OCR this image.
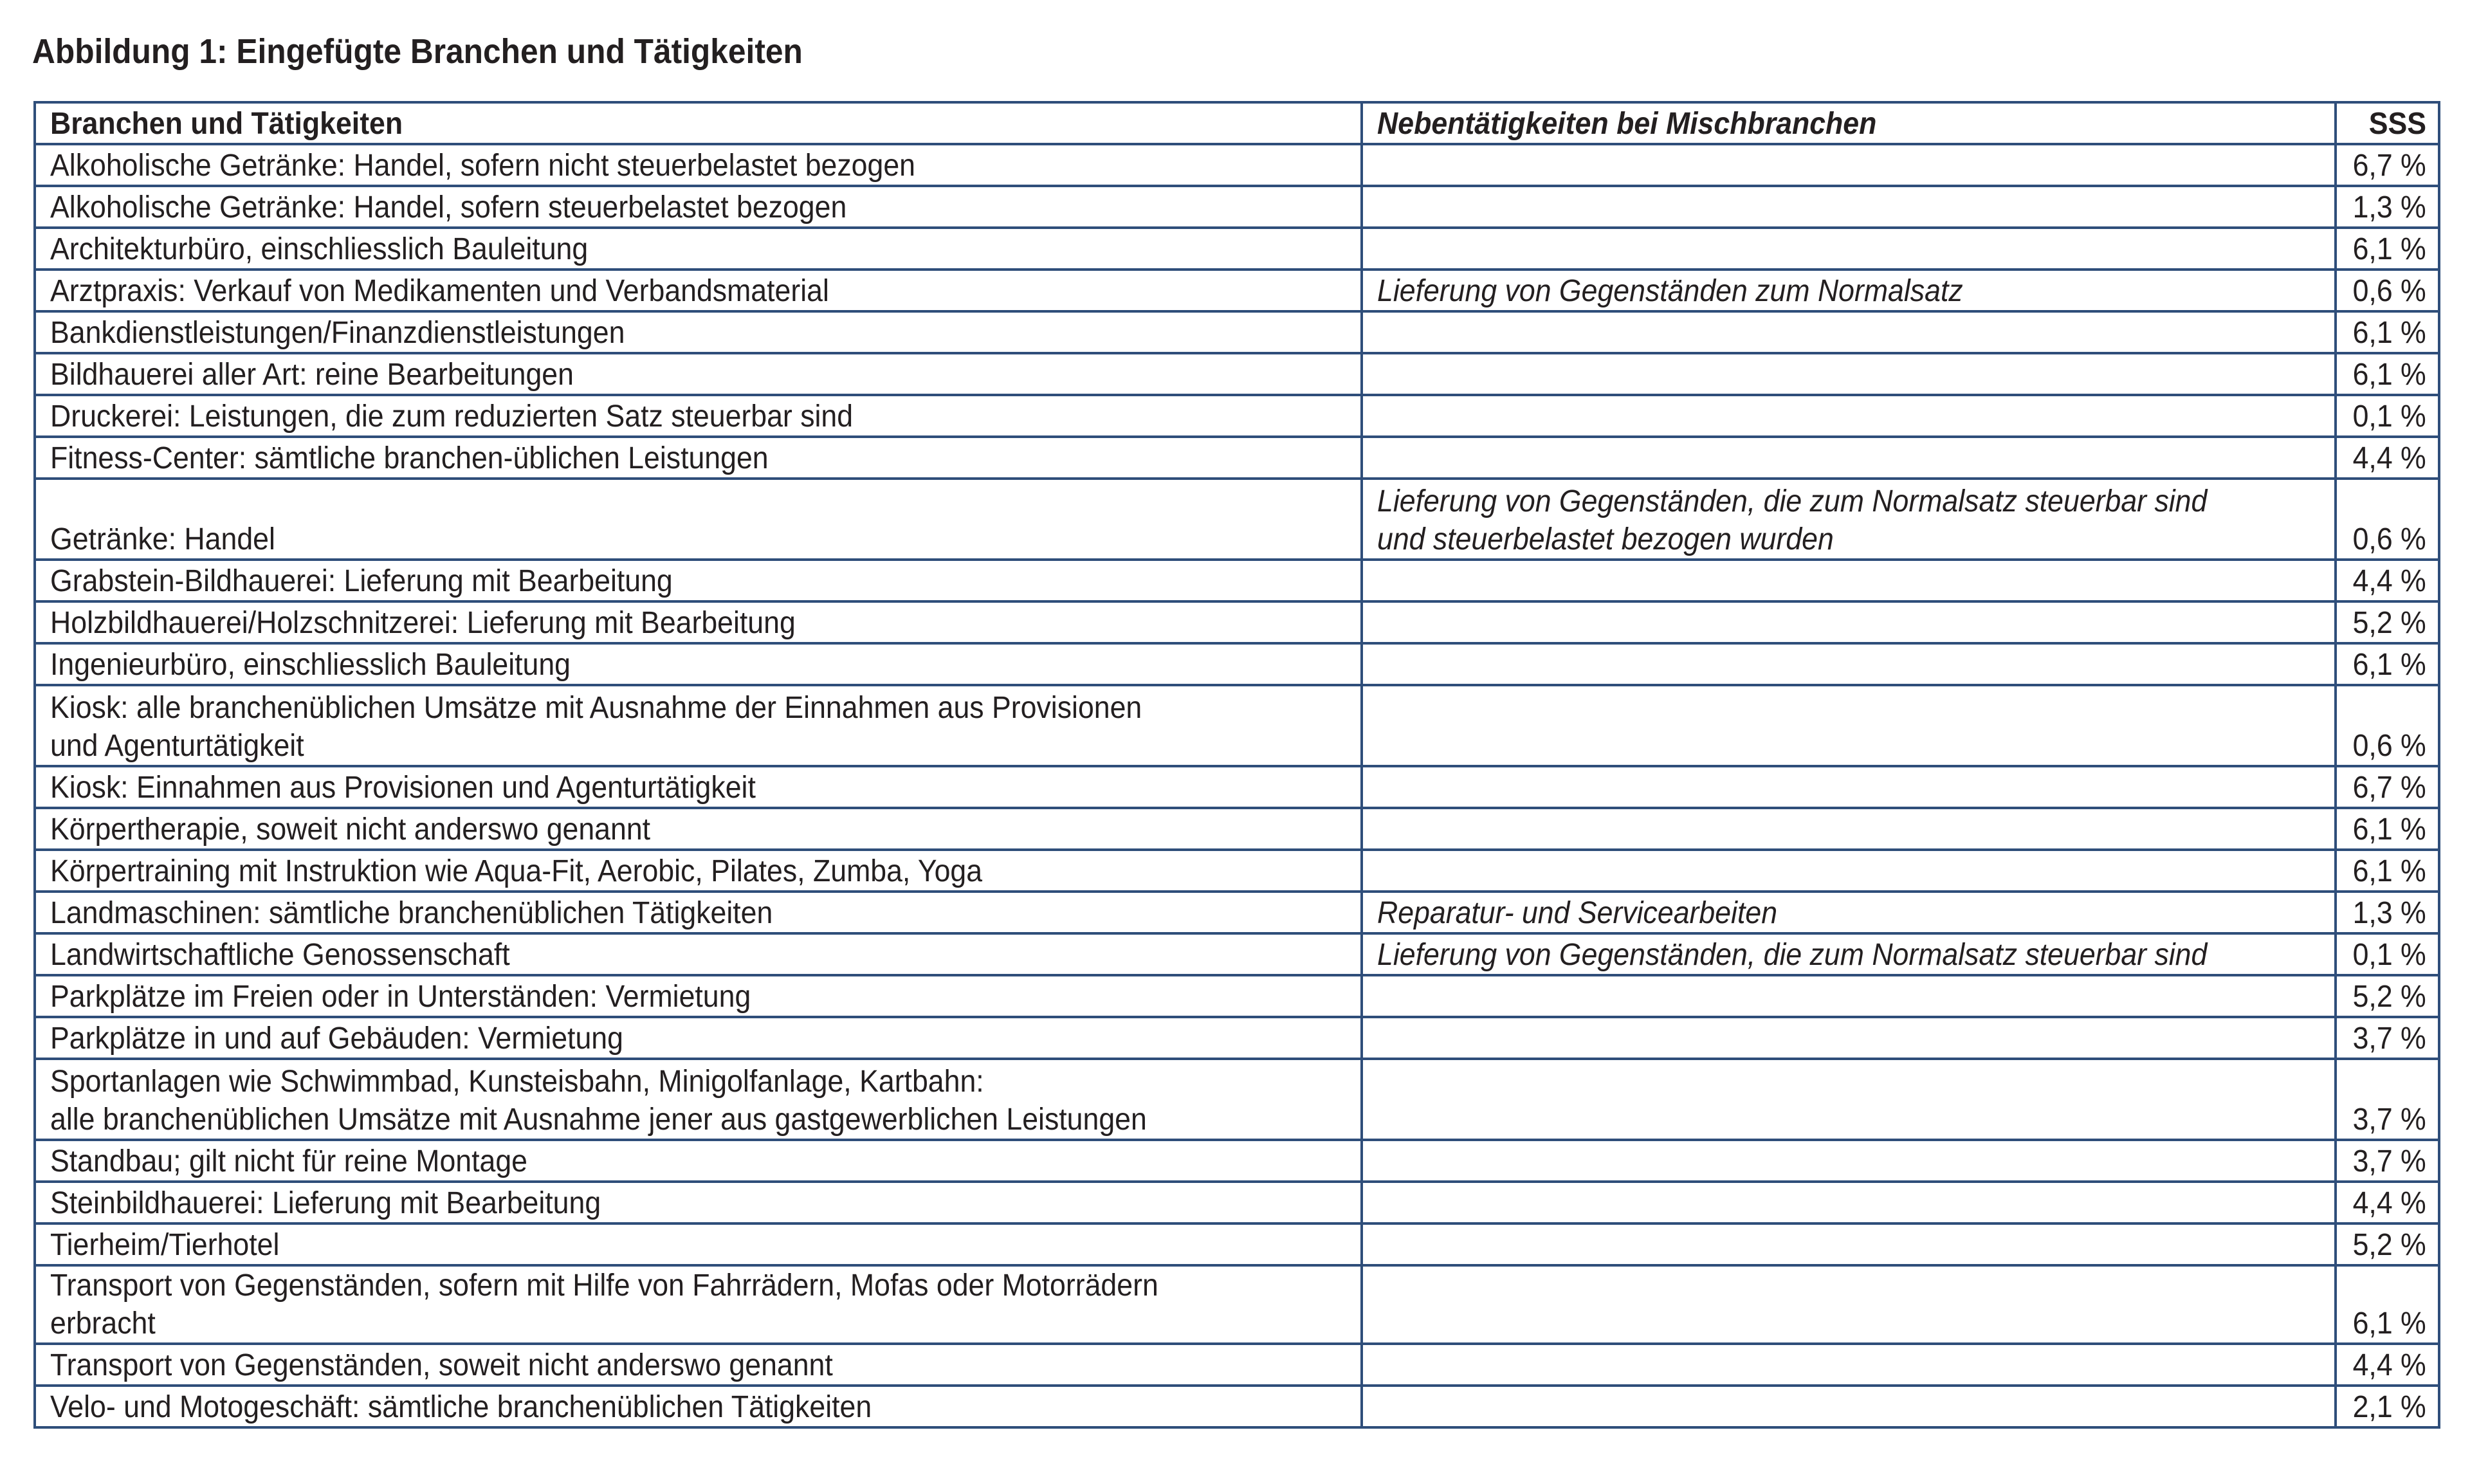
Abbildung 1: Eingefügte Branchen und Tätigkeiten
Branchen und Tätigkeiten	Nebentätigkeiten bei Mischbranchen	SSS
Alkoholische Getränke: Handel, sofern nicht steuerbelastet bezogen		6,7 %
Alkoholische Getränke: Handel, sofern steuerbelastet bezogen		1,3 %
Architekturbüro, einschliesslich Bauleitung		6,1 %
Arztpraxis: Verkauf von Medikamenten und Verbandsmaterial	Lieferung von Gegenständen zum Normalsatz	0,6 %
Bankdienstleistungen/Finanzdienstleistungen		6,1 %
Bildhauerei aller Art: reine Bearbeitungen		6,1 %
Druckerei: Leistungen, die zum reduzierten Satz steuerbar sind		0,1 %
Fitness-Center: sämtliche branchen-üblichen Leistungen		4,4 %
Getränke: Handel	Lieferung von Gegenständen, die zum Normalsatz steuerbar sind
und steuerbelastet bezogen wurden	0,6 %
Grabstein-Bildhauerei: Lieferung mit Bearbeitung		4,4 %
Holzbildhauerei/Holzschnitzerei: Lieferung mit Bearbeitung		5,2 %
Ingenieurbüro, einschliesslich Bauleitung		6,1 %
Kiosk: alle branchenüblichen Umsätze mit Ausnahme der Einnahmen aus Provisionen
und Agenturtätigkeit		0,6 %
Kiosk: Einnahmen aus Provisionen und Agenturtätigkeit		6,7 %
Körpertherapie, soweit nicht anderswo genannt		6,1 %
Körpertraining mit Instruktion wie Aqua-Fit, Aerobic, Pilates, Zumba, Yoga		6,1 %
Landmaschinen: sämtliche branchenüblichen Tätigkeiten	Reparatur- und Servicearbeiten	1,3 %
Landwirtschaftliche Genossenschaft	Lieferung von Gegenständen, die zum Normalsatz steuerbar sind	0,1 %
Parkplätze im Freien oder in Unterständen: Vermietung		5,2 %
Parkplätze in und auf Gebäuden: Vermietung		3,7 %
Sportanlagen wie Schwimmbad, Kunsteisbahn, Minigolfanlage, Kartbahn:
alle branchenüblichen Umsätze mit Ausnahme jener aus gastgewerblichen Leistungen		3,7 %
Standbau; gilt nicht für reine Montage		3,7 %
Steinbildhauerei: Lieferung mit Bearbeitung		4,4 %
Tierheim/Tierhotel		5,2 %
Transport von Gegenständen, sofern mit Hilfe von Fahrrädern, Mofas oder Motorrädern erbracht		6,1 %
Transport von Gegenständen, soweit nicht anderswo genannt		4,4 %
Velo- und Motogeschäft: sämtliche branchenüblichen Tätigkeiten		2,1 %
